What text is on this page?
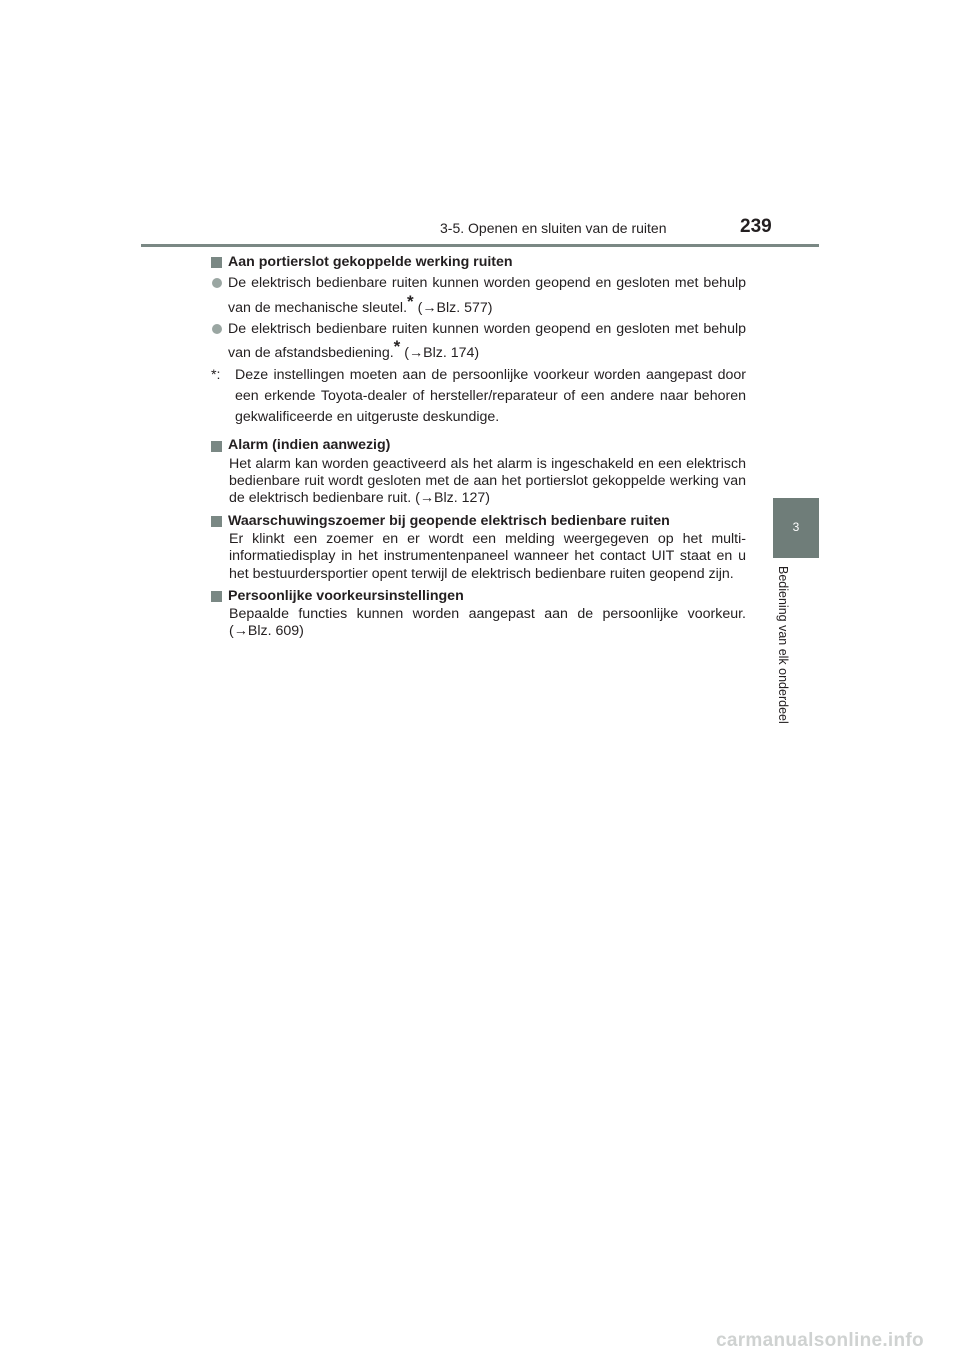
3-5. Openen en sluiten van de ruiten	239
3
Bediening van elk onderdeel
Aan portierslot gekoppelde werking ruiten
De elektrisch bedienbare ruiten kunnen worden geopend en gesloten met behulp van de mechanische sleutel.* (→Blz. 577)
De elektrisch bedienbare ruiten kunnen worden geopend en gesloten met behulp van de afstandsbediening.* (→Blz. 174)
*:	Deze instellingen moeten aan de persoonlijke voorkeur worden aangepast door een erkende Toyota-dealer of hersteller/reparateur of een andere naar behoren gekwalificeerde en uitgeruste deskundige.
Alarm (indien aanwezig)

Het alarm kan worden geactiveerd als het alarm is ingeschakeld en een elektrisch bedienbare ruit wordt gesloten met de aan het portierslot gekoppelde werking van de elektrisch bedienbare ruit. (→Blz. 127)

Waarschuwingszoemer bij geopende elektrisch bedienbare ruiten

Er klinkt een zoemer en er wordt een melding weergegeven op het multi-informatiedisplay in het instrumentenpaneel wanneer het contact UIT staat en u het bestuurdersportier opent terwijl de elektrisch bedienbare ruiten geopend zijn.

Persoonlijke voorkeursinstellingen

Bepaalde functies kunnen worden aangepast aan de persoonlijke voorkeur. (→Blz. 609)

carmanualsonline.info
